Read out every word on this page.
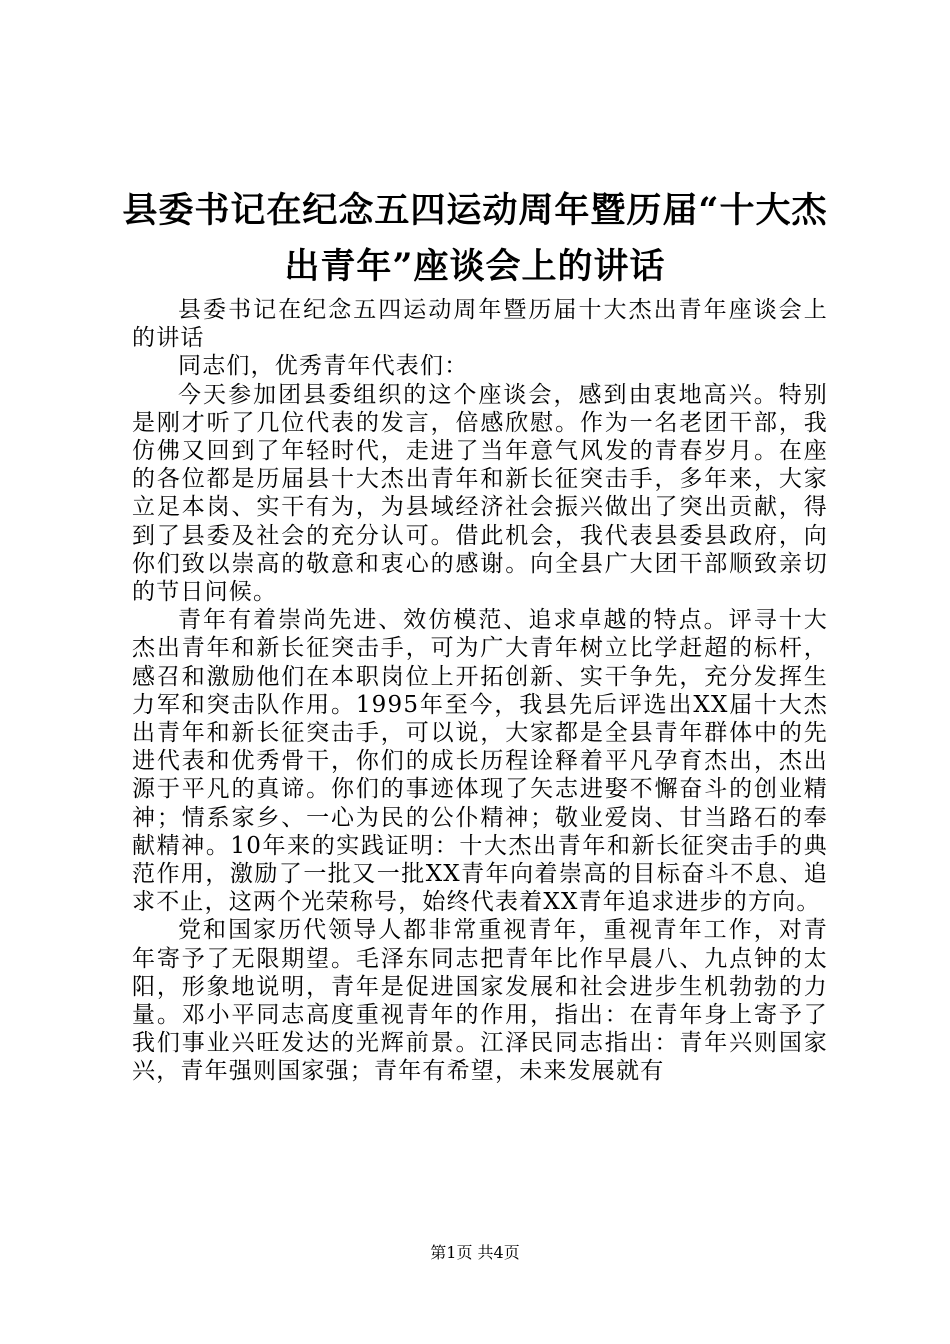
县委书记在纪念五四运动周年暨历届“十大杰出青年”座谈会上的讲话

县委书记在纪念五四运动周年暨历届十大杰出青年座谈会上的讲话

同志们，优秀青年代表们：

今天参加团县委组织的这个座谈会，感到由衷地高兴。特别是刚才听了几位代表的发言，倍感欣慰。作为一名老团干部，我仿佛又回到了年轻时代，走进了当年意气风发的青春岁月。在座的各位都是历届县十大杰出青年和新长征突击手，多年来，大家立足本岗、实干有为，为县域经济社会振兴做出了突出贡献，得到了县委及社会的充分认可。借此机会，我代表县委县政府，向你们致以崇高的敬意和衷心的感谢。向全县广大团干部顺致亲切的节日问候。

青年有着崇尚先进、效仿模范、追求卓越的特点。评寻十大杰出青年和新长征突击手，可为广大青年树立比学赶超的标杆，感召和激励他们在本职岗位上开拓创新、实干争先，充分发挥生力军和突击队作用。1995年至今，我县先后评选出XX届十大杰出青年和新长征突击手，可以说，大家都是全县青年群体中的先进代表和优秀骨干，你们的成长历程诠释着平凡孕育杰出，杰出源于平凡的真谛。你们的事迹体现了矢志进娶不懈奋斗的创业精神；情系家乡、一心为民的公仆精神；敬业爱岗、甘当路石的奉献精神。10年来的实践证明：十大杰出青年和新长征突击手的典范作用，激励了一批又一批XX青年向着崇高的目标奋斗不息、追求不止，这两个光荣称号，始终代表着XX青年追求进步的方向。

党和国家历代领导人都非常重视青年，重视青年工作，对青年寄予了无限期望。毛泽东同志把青年比作早晨八、九点钟的太阳，形象地说明，青年是促进国家发展和社会进步生机勃勃的力量。邓小平同志高度重视青年的作用，指出：在青年身上寄予了我们事业兴旺发达的光辉前景。江泽民同志指出：青年兴则国家兴，青年强则国家强；青年有希望，未来发展就有

第1页 共4页
